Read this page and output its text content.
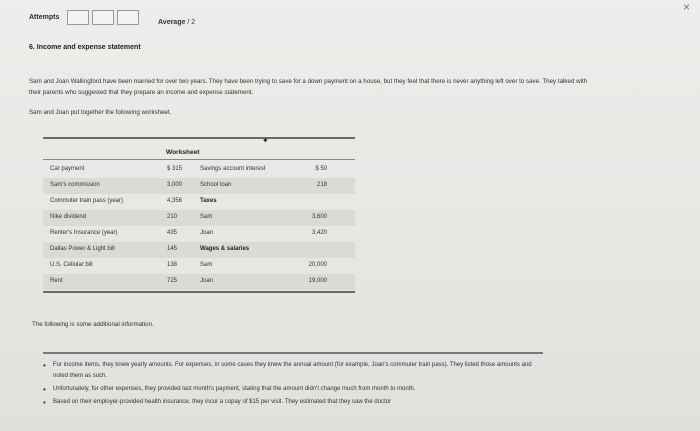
Attempts
Average / 2
×
6. Income and expense statement
Sam and Joan Wallingford have been married for over two years. They have been trying to save for a down payment on a house, but they feel that there is never anything left over to save. They talked with their parents who suggested that they prepare an income and expense statement.
Sam and Joan put together the following worksheet.
✦
Worksheet
Car payment	$ 315	Savings account interest	$ 50
Sam's commission	3,000	School loan	218
Commuter train pass (year)	4,356	Taxes
Nike dividend	210	Sam	3,600
Renter's Insurance (year)	435	Joan	3,420
Dallas Power & Light bill	145	Wages & salaries
U.S. Cellular bill	138	Sam	20,000
Rent	725	Joan	19,000
The following is some additional information.
• For income items, they knew yearly amounts. For expenses, in some cases they knew the annual amount (for example, Joan's commuter train pass). They listed those amounts and noted them as such.
• Unfortunately, for other expenses, they provided last month's payment, stating that the amount didn't change much from month to month.
• Based on their employer-provided health insurance, they incur a copay of $15 per visit. They estimated that they saw the doctor
